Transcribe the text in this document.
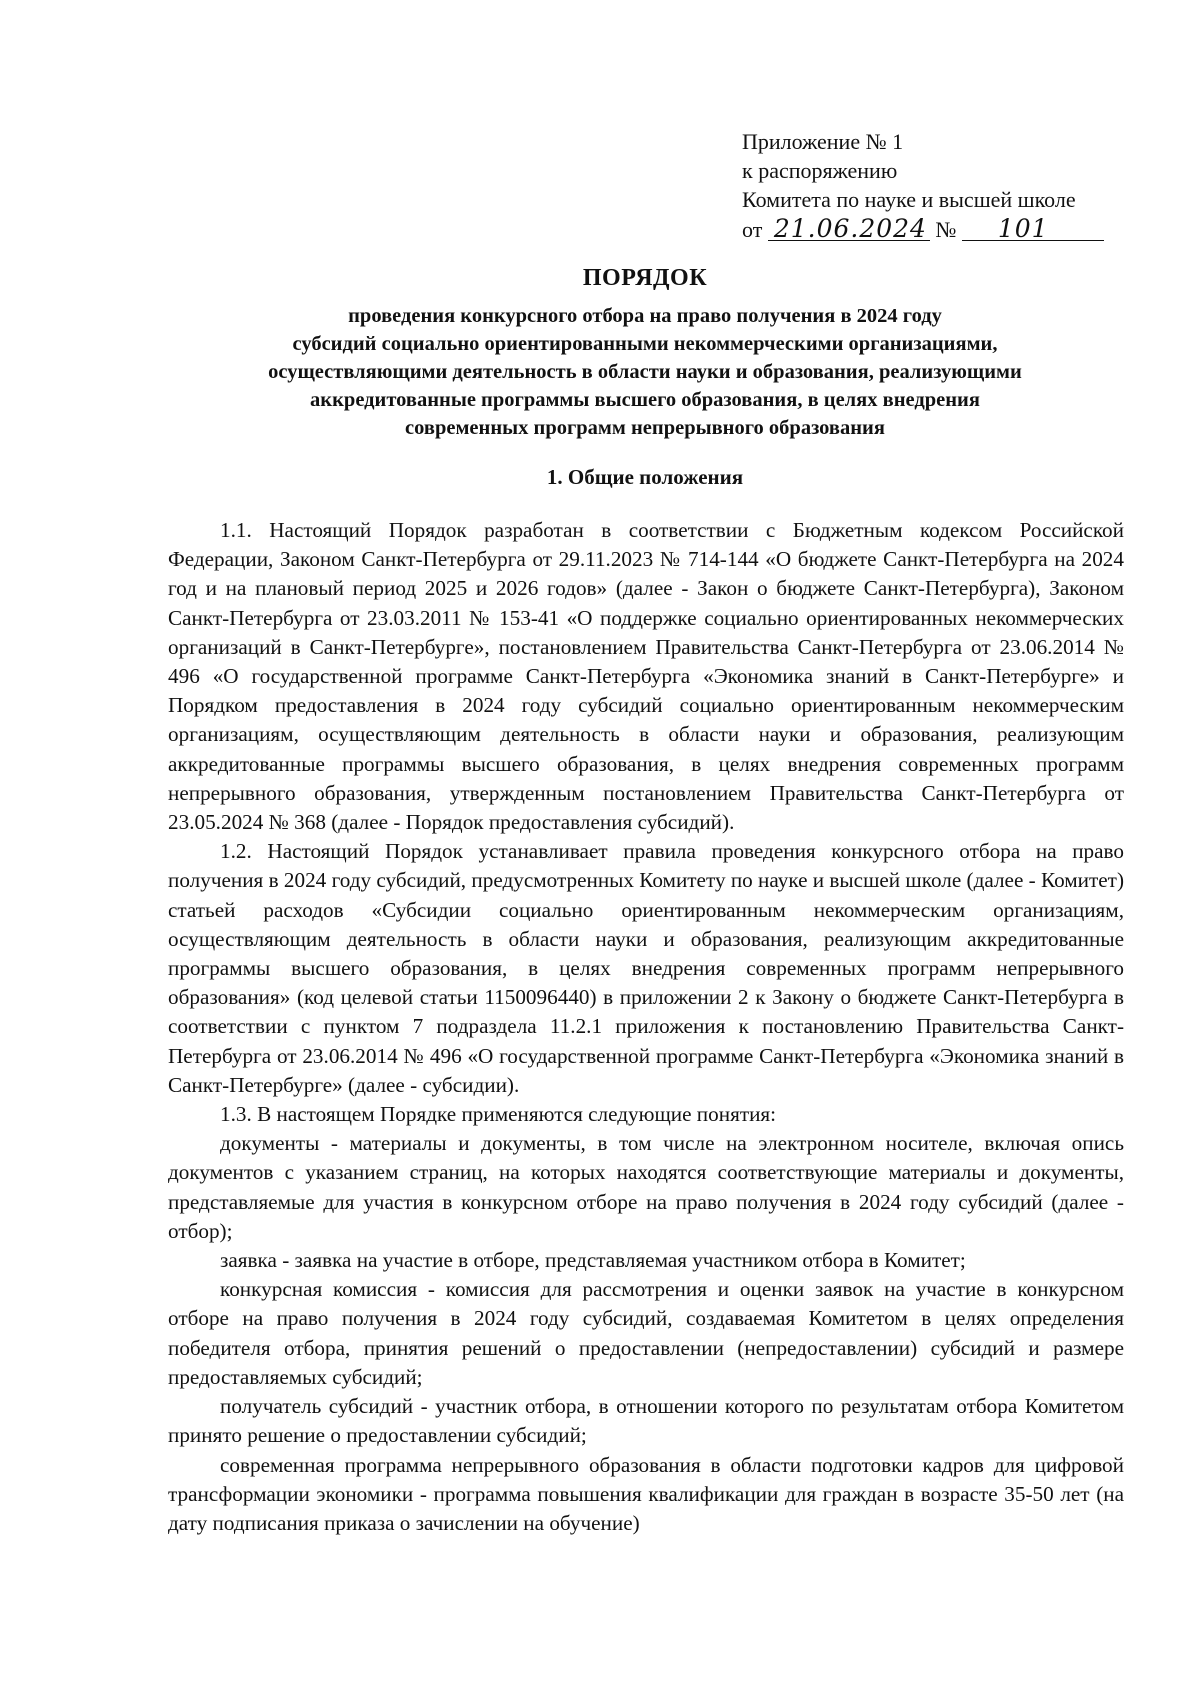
Приложение № 1
к распоряжению
Комитета по науке и высшей школе
от 21.06.2024 № 101
ПОРЯДОК
проведения конкурсного отбора на право получения в 2024 году
субсидий социально ориентированными некоммерческими организациями,
осуществляющими деятельность в области науки и образования, реализующими
аккредитованные программы высшего образования, в целях внедрения
современных программ непрерывного образования
1. Общие положения

1.1. Настоящий Порядок разработан в соответствии с Бюджетным кодексом Российской Федерации, Законом Санкт-Петербурга от 29.11.2023 № 714-144 «О бюджете Санкт-Петербурга на 2024 год и на плановый период 2025 и 2026 годов» (далее - Закон о бюджете Санкт-Петербурга), Законом Санкт-Петербурга от 23.03.2011 № 153-41 «О поддержке социально ориентированных некоммерческих организаций в Санкт-Петербурге», постановлением Правительства Санкт-Петербурга от 23.06.2014 № 496 «О государственной программе Санкт-Петербурга «Экономика знаний в Санкт-Петербурге» и Порядком предоставления в 2024 году субсидий социально ориентированным некоммерческим организациям, осуществляющим деятельность в области науки и образования, реализующим аккредитованные программы высшего образования, в целях внедрения современных программ непрерывного образования, утвержденным постановлением Правительства Санкт-Петербурга от 23.05.2024 № 368 (далее - Порядок предоставления субсидий).

1.2. Настоящий Порядок устанавливает правила проведения конкурсного отбора на право получения в 2024 году субсидий, предусмотренных Комитету по науке и высшей школе (далее - Комитет) статьей расходов «Субсидии социально ориентированным некоммерческим организациям, осуществляющим деятельность в области науки и образования, реализующим аккредитованные программы высшего образования, в целях внедрения современных программ непрерывного образования» (код целевой статьи 1150096440) в приложении 2 к Закону о бюджете Санкт-Петербурга в соответствии с пунктом 7 подраздела 11.2.1 приложения к постановлению Правительства Санкт-Петербурга от 23.06.2014 № 496 «О государственной программе Санкт-Петербурга «Экономика знаний в Санкт-Петербурге» (далее - субсидии).

1.3. В настоящем Порядке применяются следующие понятия:

документы - материалы и документы, в том числе на электронном носителе, включая опись документов с указанием страниц, на которых находятся соответствующие материалы и документы, представляемые для участия в конкурсном отборе на право получения в 2024 году субсидий (далее - отбор);

заявка - заявка на участие в отборе, представляемая участником отбора в Комитет;

конкурсная комиссия - комиссия для рассмотрения и оценки заявок на участие в конкурсном отборе на право получения в 2024 году субсидий, создаваемая Комитетом в целях определения победителя отбора, принятия решений о предоставлении (непредоставлении) субсидий и размере предоставляемых субсидий;

получатель субсидий - участник отбора, в отношении которого по результатам отбора Комитетом принято решение о предоставлении субсидий;

современная программа непрерывного образования в области подготовки кадров для цифровой трансформации экономики - программа повышения квалификации для граждан в возрасте 35-50 лет (на дату подписания приказа о зачислении на обучение)
